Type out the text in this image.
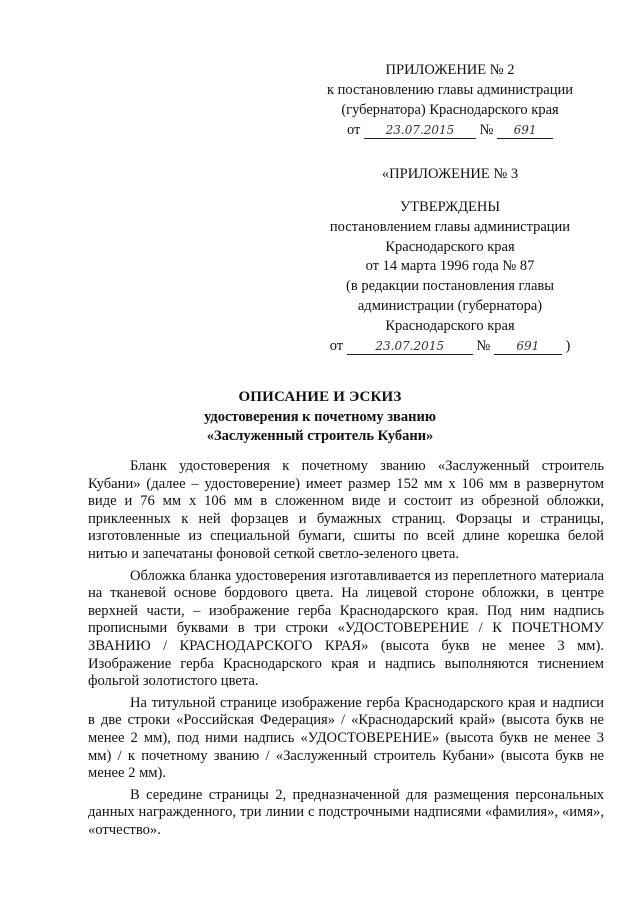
ПРИЛОЖЕНИЕ № 2
к постановлению главы администрации
(губернатора) Краснодарского края
от 23.07.2015 № 691
«ПРИЛОЖЕНИЕ № 3
УТВЕРЖДЕНЫ
постановлением главы администрации
Краснодарского края
от 14 марта 1996 года № 87
(в редакции постановления главы
администрации (губернатора)
Краснодарского края
от	23.07.2015 № 691 )
ОПИСАНИЕ И ЭСКИЗ
удостоверения к почетному званию
«Заслуженный строитель Кубани»

Бланк удостоверения к почетному званию «Заслуженный строитель Кубани» (далее – удостоверение) имеет размер 152 мм х 106 мм в развернутом виде и 76 мм х 106 мм в сложенном виде и состоит из обрезной обложки, приклеенных к ней форзацев и бумажных страниц. Форзацы и страницы, изготовленные из специальной бумаги, сшиты по всей длине корешка белой нитью и запечатаны фоновой сеткой светло-зеленого цвета.

Обложка бланка удостоверения изготавливается из переплетного материала на тканевой основе бордового цвета. На лицевой стороне обложки, в центре верхней части, – изображение герба Краснодарского края. Под ним надпись прописными буквами в три строки «УДОСТОВЕРЕНИЕ / К ПОЧЕТНОМУ ЗВАНИЮ / КРАСНОДАРСКОГО КРАЯ» (высота букв не менее 3 мм). Изображение герба Краснодарского края и надпись выполняются тиснением фольгой золотистого цвета.

На титульной странице изображение герба Краснодарского края и надписи в две строки «Российская Федерация» / «Краснодарский край» (высота букв не менее 2 мм), под ними надпись «УДОСТОВЕРЕНИЕ» (высота букв не менее 3 мм) / к почетному званию / «Заслуженный строитель Кубани» (высота букв не менее 2 мм).

В середине страницы 2, предназначенной для размещения персональных данных награжденного, три линии с подстрочными надписями «фамилия», «имя», «отчество».
